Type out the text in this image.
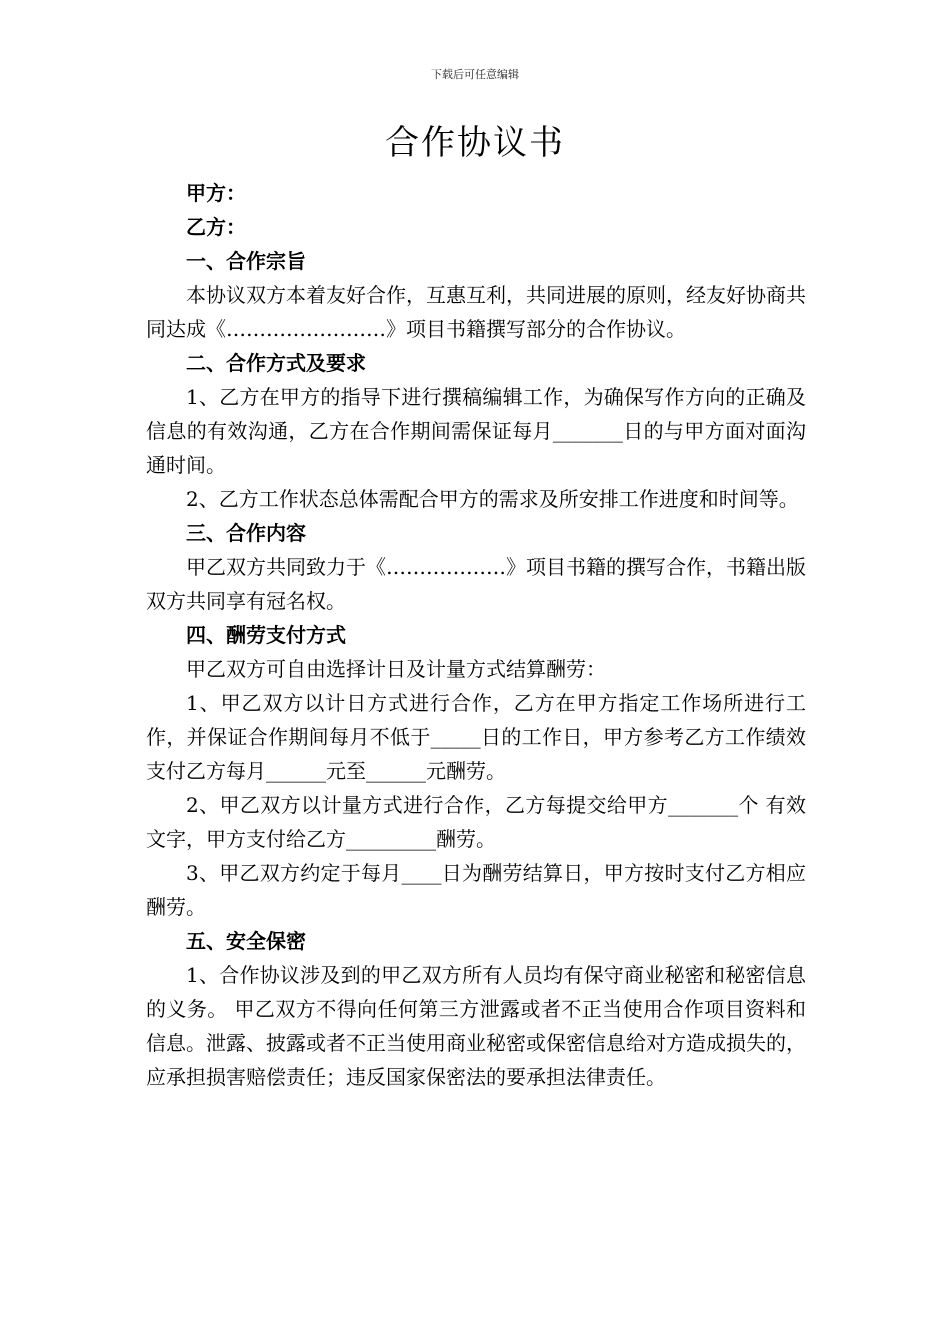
下载后可任意编辑
合作协议书

甲方：

乙方：

一、合作宗旨

本协议双方本着友好合作，互惠互利，共同进展的原则，经友好协商共同达成《……………………》项目书籍撰写部分的合作协议。

二、合作方式及要求

1、乙方在甲方的指导下进行撰稿编辑工作，为确保写作方向的正确及信息的有效沟通，乙方在合作期间需保证每月_______日的与甲方面对面沟通时间。

2、乙方工作状态总体需配合甲方的需求及所安排工作进度和时间等。

三、合作内容

甲乙双方共同致力于《………………》项目书籍的撰写合作，书籍出版双方共同享有冠名权。

四、酬劳支付方式

甲乙双方可自由选择计日及计量方式结算酬劳：

1、甲乙双方以计日方式进行合作，乙方在甲方指定工作场所进行工作，并保证合作期间每月不低于_____日的工作日，甲方参考乙方工作绩效支付乙方每月______元至______元酬劳。

2、甲乙双方以计量方式进行合作，乙方每提交给甲方_______个 有效文字，甲方支付给乙方_________酬劳。

3、甲乙双方约定于每月____日为酬劳结算日，甲方按时支付乙方相应酬劳。

五、安全保密

1、合作协议涉及到的甲乙双方所有人员均有保守商业秘密和秘密信息的义务。 甲乙双方不得向任何第三方泄露或者不正当使用合作项目资料和信息。泄露、披露或者不正当使用商业秘密或保密信息给对方造成损失的，应承担损害赔偿责任；违反国家保密法的要承担法律责任。
